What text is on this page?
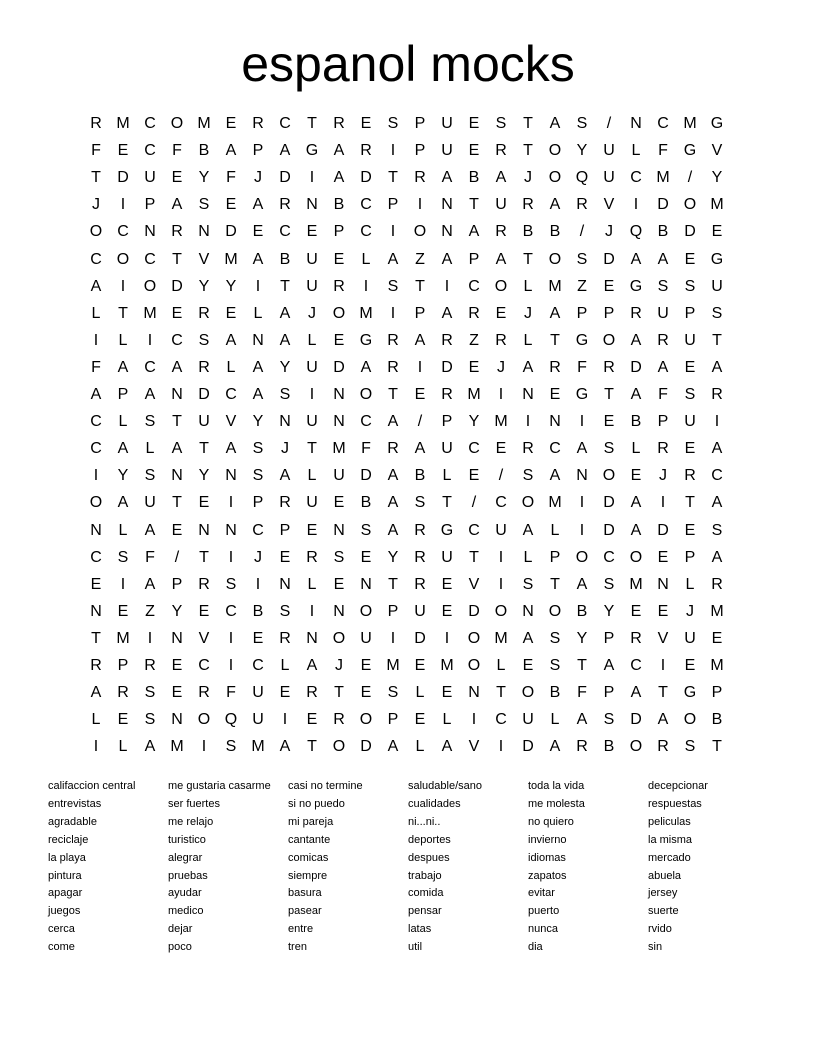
espanol mocks
R M C O M E R C	T	R E	S	P U E	S	T	A	S	/	N C M G
F	E C	F	B	A	P	A G A R	I	P U E R	T O Y U	L	F G V
T	D U E	Y	F	J	D	I	A D	T	R A	B	A	J	O Q U C M	/	Y
J	I	P	A	S	E	A R N B C P	I	N	T	U R A R V	I	D O M
O C N R N D E C E	P C	I	O N A R B	B	/	J	Q B D E
C O C	T	V M A	B U E	L	A	Z	A	P	A	T O S D A	A	E G
A	I	O D Y	Y	I	T	U R	I	S	T	I	C O	L M Z	E G S	S U
L	T M E R E	L	A	J	O M	I	P	A R E	J	A	P	P R U P	S
I	L	I	C S	A N A	L	E G R A R	Z	R	L	T G O A R U	T
F	A C A R	L	A	Y U D A R	I	D E	J	A R	F	R D A	E	A
A	P	A N D C A	S	I	N O T	E R M	I	N E G T	A	F	S R
C	L	S	T	U V	Y N U N C A	/	P	Y M	I	N	I	E	B	P U	I
C A	L	A	T	A	S	J	T M F	R A U C E R C A	S	L	R E	A
I	Y	S N Y N S	A	L	U D A	B	L	E	/	S	A N O E	J	R C
O A U	T	E	I	P R U E	B	A	S	T	/	C O M	I	D A	I	T	A
N	L	A	E N N C P	E N S	A R G C U A	L	I	D A D E	S
C S	F	/	T	I	J	E R S	E	Y R U	T	I	L	P O C O E	P	A
E	I	A	P R S	I	N	L	E N	T	R E	V	I	S	T	A	S M N	L	R
N E	Z	Y	E C B	S	I	N O P U E D O N O B	Y	E	E	J	M
T M	I	N V	I	E R N O U	I	D	I	O M A	S	Y	P R V U E
R P R E C	I	C	L	A	J	E M E M O	L	E	S	T	A C	I	E M
A R S	E R	F	U E R	T	E	S	L	E N	T O B	F	P	A	T G P
L	E	S N O Q U	I	E R O P	E	L	I	C U	L	A	S D A O B
I	L	A M	I	S M A	T O D A	L	A	V	I	D A R B O R S	T
califaccion central
entrevistas
agradable
reciclaje
la playa
pintura
apagar
juegos
cerca
come
me gustaria casarme
ser fuertes
me relajo
turistico
alegrar
pruebas
ayudar
medico
dejar
poco
casi no termine
si no puedo
mi pareja
cantante
comicas
siempre
basura
pasear
entre
tren
saludable/sano
cualidades
ni...ni..
deportes
despues
trabajo
comida
pensar
latas
util
toda la vida
me molesta
no quiero
invierno
idiomas
zapatos
evitar
puerto
nunca
dia
decepcionar
respuestas
peliculas
la misma
mercado
abuela
jersey
suerte
rvido
sin
